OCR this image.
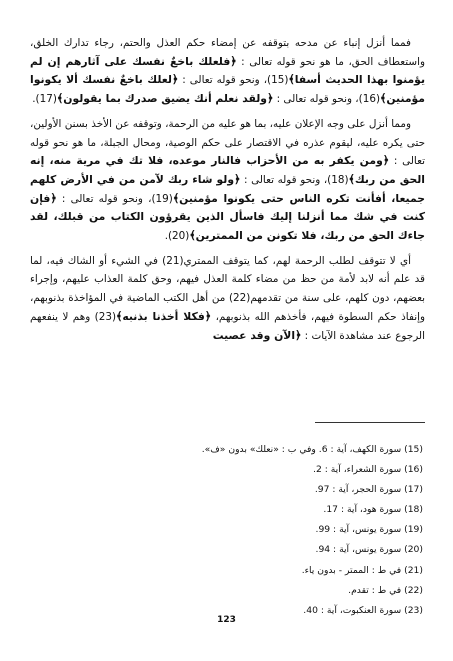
فمما أنزل إنباء عن مدحه بتوقفه عن إمضاء حكم العذل والحتم، رجاء تدارك الخلق، واستعطاف الحق، ما هو نحو قوله تعالى : ﴿فلعلك باخعٌ نفسك على آثارهم إن لم يؤمنوا بهذا الحديث أسفا﴾(15)، ونحو قوله تعالى : ﴿لعلك باخعٌ نفسك ألا يكونوا مؤمنين﴾(16)، ونحو قوله تعالى : ﴿ولقد نعلم أنك يضيق صدرك بما يقولون﴾(17).

ومما أنزل على وجه الإعلان عليه، بما هو عليه من الرحمة، وتوقفه عن الأخذ بسنن الأولين، حتى يكره عليه، ليقوم عذره في الاقتصار على حكم الوصية، ومحال الجبلة، ما هو نحو قوله تعالى : ﴿ومن يكفر به من الأحزاب فالنار موعده، فلا تك في مرية منه، إنه الحق من ربك﴾(18)، ونحو قوله تعالى : ﴿ولو شاء ربك لآمن من في الأرض كلهم جميعا، أفأنت تكره الناس حتى يكونوا مؤمنين﴾(19)، ونحو قوله تعالى : ﴿فإن كنت في شك مما أنزلنا إليك فاسأل الذين يقرؤون الكتاب من قبلك، لقد جاءك الحق من ربك، فلا تكونن من الممترين﴾(20).

أي لا تتوقف لطلب الرحمة لهم، كما يتوقف الممتري(21) في الشيء أو الشاك فيه، لما قد علم أنه لابد لأمة من حظ من مضاء كلمة العذل فيهم، وحق كلمة العذاب عليهم، وإجراء بعضهم، دون كلهم، على سنة من تقدمهم(22) من أهل الكتب الماضية في المؤاخذة بذنوبهم، وإنفاذ حكم السطوة فيهم، فأخذهم الله بذنوبهم، ﴿فكلا أخذنا بذنبه﴾(23) وهم لا ينفعهم الرجوع عند مشاهدة الآيات : ﴿الآن وقد عصيت

(15) سورة الكهف، آية : 6. وفي ب : «نعلك» بدون «ف».
(16) سورة الشعراء، آية : 2.
(17) سورة الحجر، آية : 97.
(18) سورة هود، آية : 17.
(19) سورة يونس، آية : 99.
(20) سورة يونس، آية : 94.
(21) في ط : الممتر - بدون ياء.
(22) في ط : تقدم.
(23) سورة العنكبوت، آية : 40.
123
